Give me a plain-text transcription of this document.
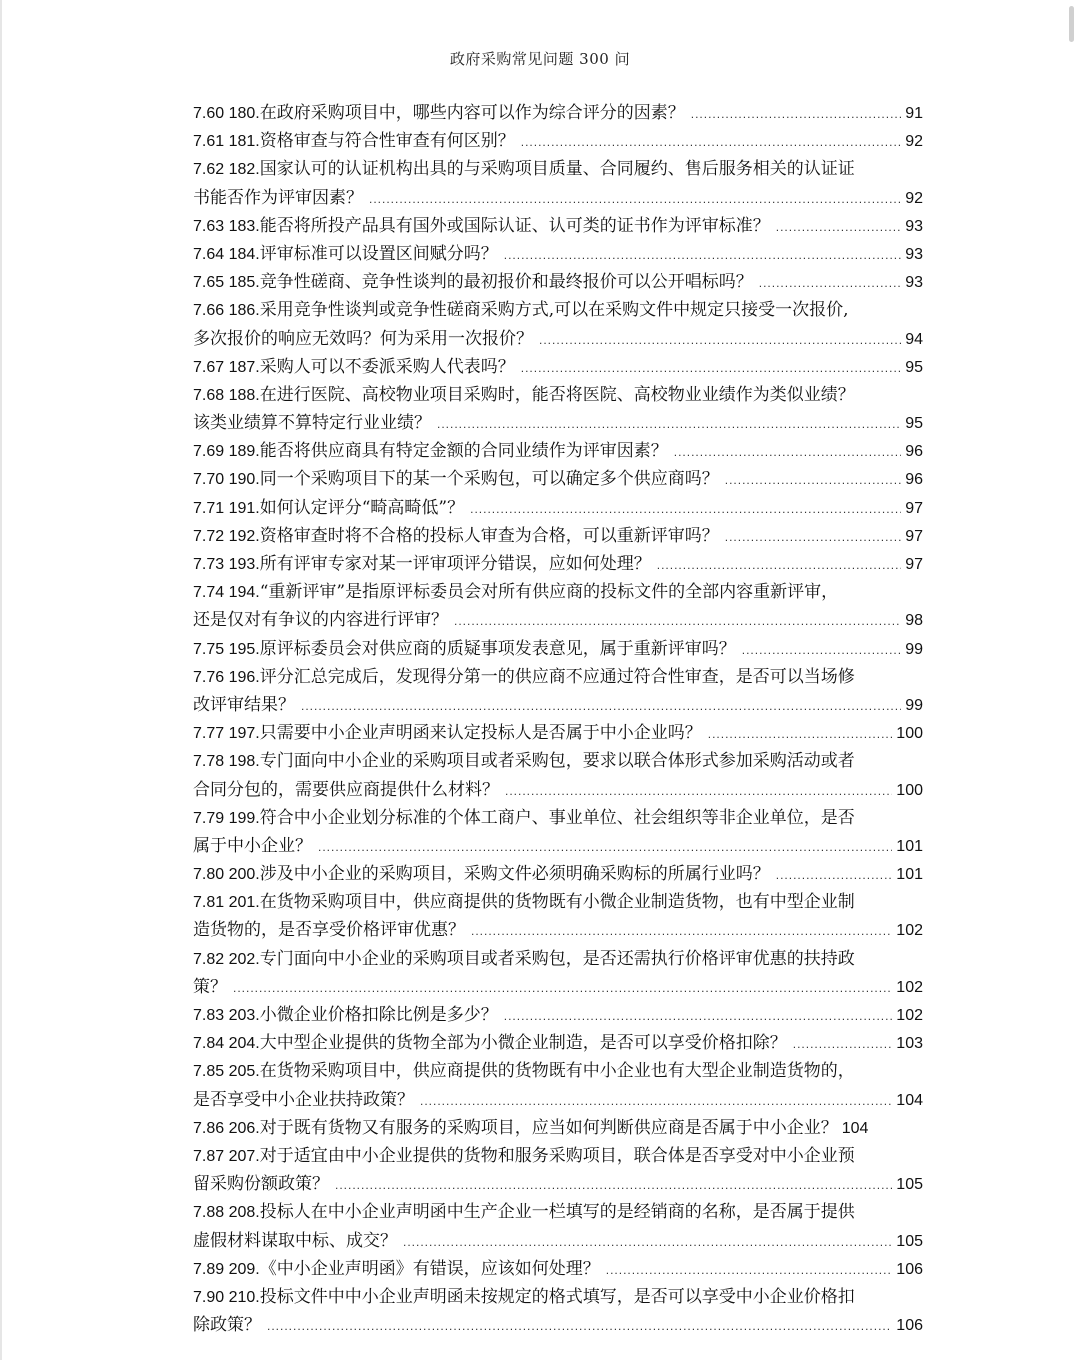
政府采购常见问题 300 问
7.60 180.在政府采购项目中，哪些内容可以作为综合评分的因素？ .....	91
7.61 181.资格审查与符合性审查有何区别？ .....	92
7.62 182.国家认可的认证机构出具的与采购项目质量、合同履约、售后服务相关的认证证
书能否作为评审因素？ .....	92
7.63 183.能否将所投产品具有国外或国际认证、认可类的证书作为评审标准？ .....	93
7.64 184.评审标准可以设置区间赋分吗？ .....	93
7.65 185.竞争性磋商、竞争性谈判的最初报价和最终报价可以公开唱标吗？ .....	93
7.66 186.采用竞争性谈判或竞争性磋商采购方式,可以在采购文件中规定只接受一次报价,
多次报价的响应无效吗？何为采用一次报价？ .....	94
7.67 187.采购人可以不委派采购人代表吗？ .....	95
7.68 188.在进行医院、高校物业项目采购时，能否将医院、高校物业业绩作为类似业绩？
该类业绩算不算特定行业业绩？ .....	95
7.69 189.能否将供应商具有特定金额的合同业绩作为评审因素？ .....	96
7.70 190.同一个采购项目下的某一个采购包，可以确定多个供应商吗？ .....	96
7.71 191.如何认定评分“畸高畸低”？ .....	97
7.72 192.资格审查时将不合格的投标人审查为合格，可以重新评审吗？ .....	97
7.73 193.所有评审专家对某一评审项评分错误，应如何处理？ .....	97
7.74 194.“重新评审”是指原评标委员会对所有供应商的投标文件的全部内容重新评审，
还是仅对有争议的内容进行评审？ .....	98
7.75 195.原评标委员会对供应商的质疑事项发表意见，属于重新评审吗？ .....	99
7.76 196.评分汇总完成后，发现得分第一的供应商不应通过符合性审查，是否可以当场修
改评审结果？ .....	99
7.77 197.只需要中小企业声明函来认定投标人是否属于中小企业吗？ .....	100
7.78 198.专门面向中小企业的采购项目或者采购包，要求以联合体形式参加采购活动或者
合同分包的，需要供应商提供什么材料？ .....	100
7.79 199.符合中小企业划分标准的个体工商户、事业单位、社会组织等非企业单位，是否
属于中小企业？ .....	101
7.80 200.涉及中小企业的采购项目，采购文件必须明确采购标的所属行业吗？ .....	101
7.81 201.在货物采购项目中，供应商提供的货物既有小微企业制造货物，也有中型企业制
造货物的，是否享受价格评审优惠？ .....	102
7.82 202.专门面向中小企业的采购项目或者采购包，是否还需执行价格评审优惠的扶持政
策？ .....	102
7.83 203.小微企业价格扣除比例是多少？ .....	102
7.84 204.大中型企业提供的货物全部为小微企业制造，是否可以享受价格扣除？ .....	103
7.85 205.在货物采购项目中，供应商提供的货物既有中小企业也有大型企业制造货物的，
是否享受中小企业扶持政策？ .....	104
7.86 206.对于既有货物又有服务的采购项目，应当如何判断供应商是否属于中小企业？ 104
7.87 207.对于适宜由中小企业提供的货物和服务采购项目，联合体是否享受对中小企业预
留采购份额政策？ .....	105
7.88 208.投标人在中小企业声明函中生产企业一栏填写的是经销商的名称，是否属于提供
虚假材料谋取中标、成交？ .....	105
7.89 209.《中小企业声明函》有错误，应该如何处理？ .....	106
7.90 210.投标文件中中小企业声明函未按规定的格式填写，是否可以享受中小企业价格扣
除政策？ .....	106
